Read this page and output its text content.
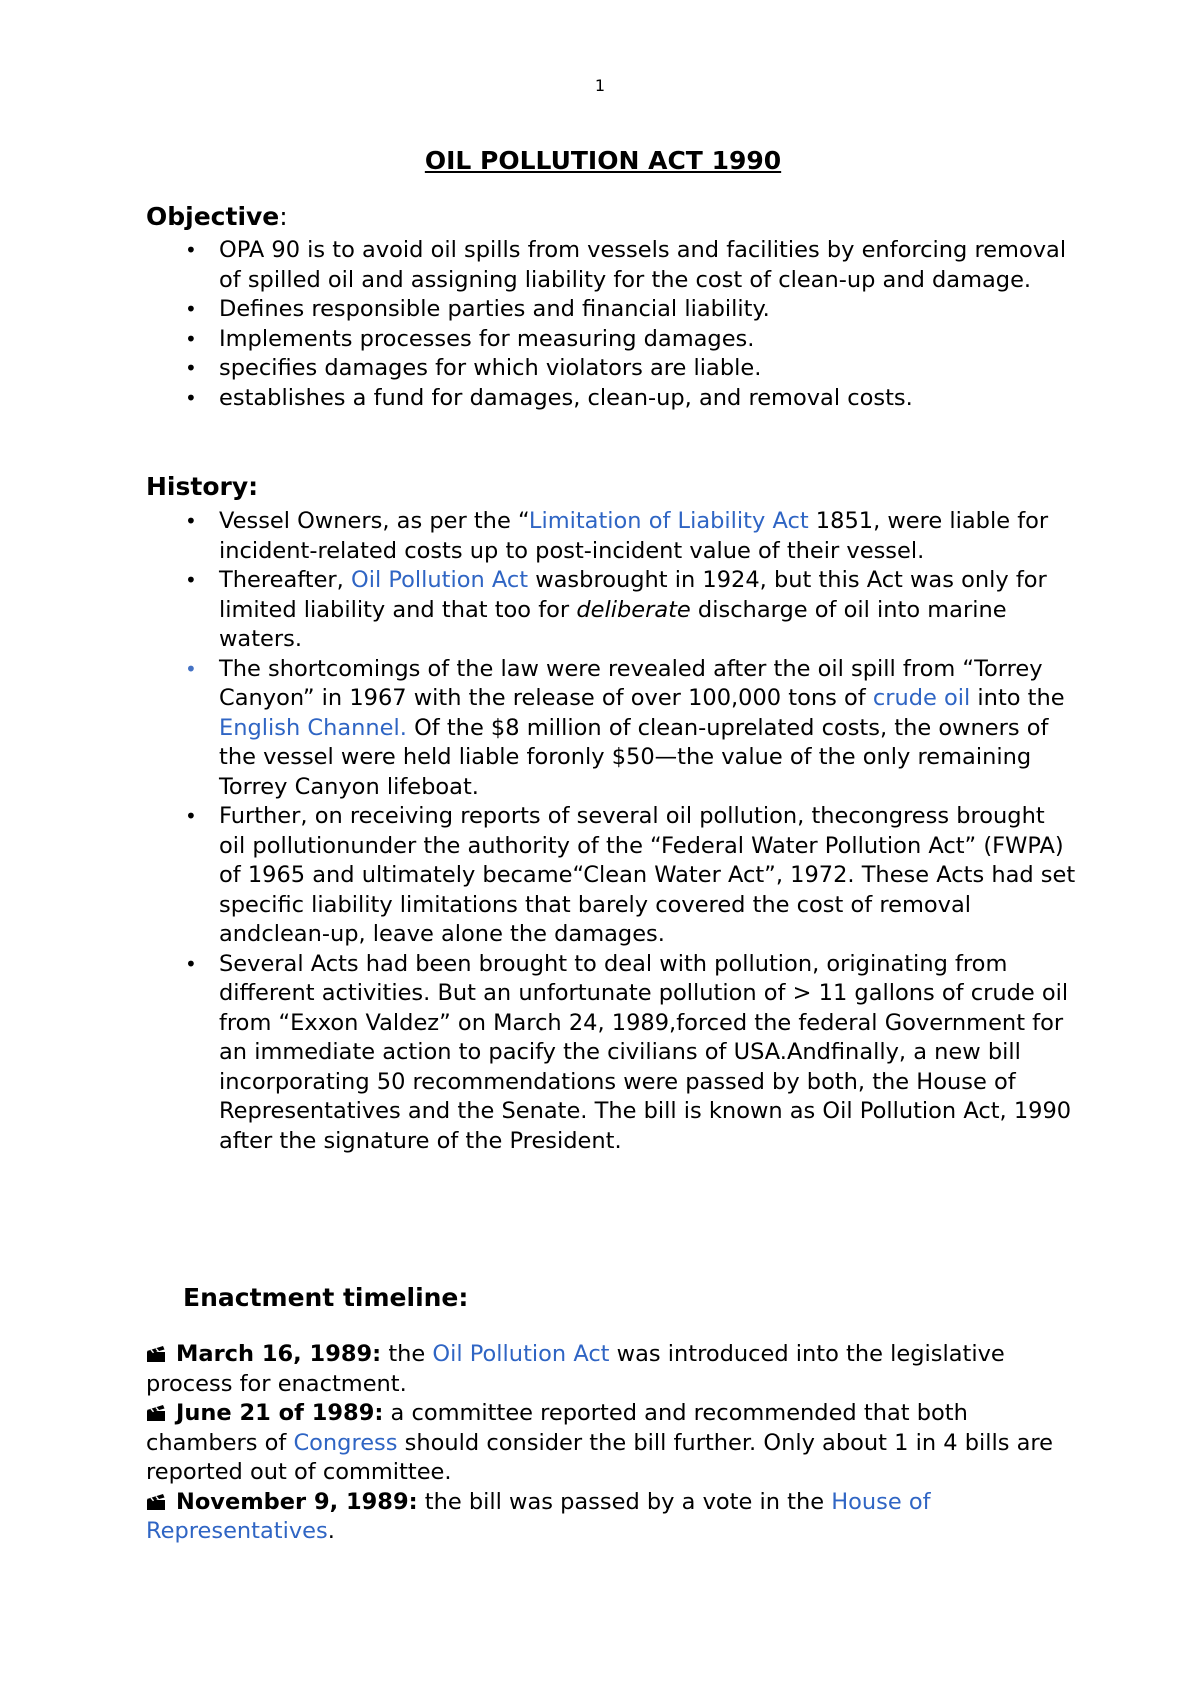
1
OIL POLLUTION ACT 1990
Objective:
• OPA 90 is to avoid oil spills from vessels and facilities by enforcing removal of spilled oil and assigning liability for the cost of clean-up and damage.
• Defines responsible parties and financial liability.
• Implements processes for measuring damages.
• specifies damages for which violators are liable.
• establishes a fund for damages, clean-up, and removal costs.
History:
• Vessel Owners, as per the “Limitation of Liability Act 1851, were liable for incident-related costs up to post-incident value of their vessel.
• Thereafter, Oil Pollution Act wasbrought in 1924, but this Act was only for limited liability and that too for deliberate discharge of oil into marine waters.
• The shortcomings of the law were revealed after the oil spill from “Torrey Canyon” in 1967 with the release of over 100,000 tons of crude oil into the English Channel. Of the $8 million of clean-uprelated costs, the owners of the vessel were held liable foronly $50—the value of the only remaining Torrey Canyon lifeboat.
• Further, on receiving reports of several oil pollution, thecongress brought oil pollutionunder the authority of the “Federal Water Pollution Act” (FWPA) of 1965 and ultimately became“Clean Water Act”, 1972. These Acts had set specific liability limitations that barely covered the cost of removal andclean-up, leave alone the damages.
• Several Acts had been brought to deal with pollution, originating from different activities. But an unfortunate pollution of > 11 gallons of crude oil from “Exxon Valdez” on March 24, 1989,forced the federal Government for an immediate action to pacify the civilians of USA.Andfinally, a new bill incorporating 50 recommendations were passed by both, the House of Representatives and the Senate. The bill is known as Oil Pollution Act, 1990 after the signature of the President.
Enactment timeline:

March 16, 1989: the Oil Pollution Act was introduced into the legislative process for enactment.

June 21 of 1989: a committee reported and recommended that both chambers of Congress should consider the bill further. Only about 1 in 4 bills are reported out of committee.

November 9, 1989: the bill was passed by a vote in the House of Representatives.
